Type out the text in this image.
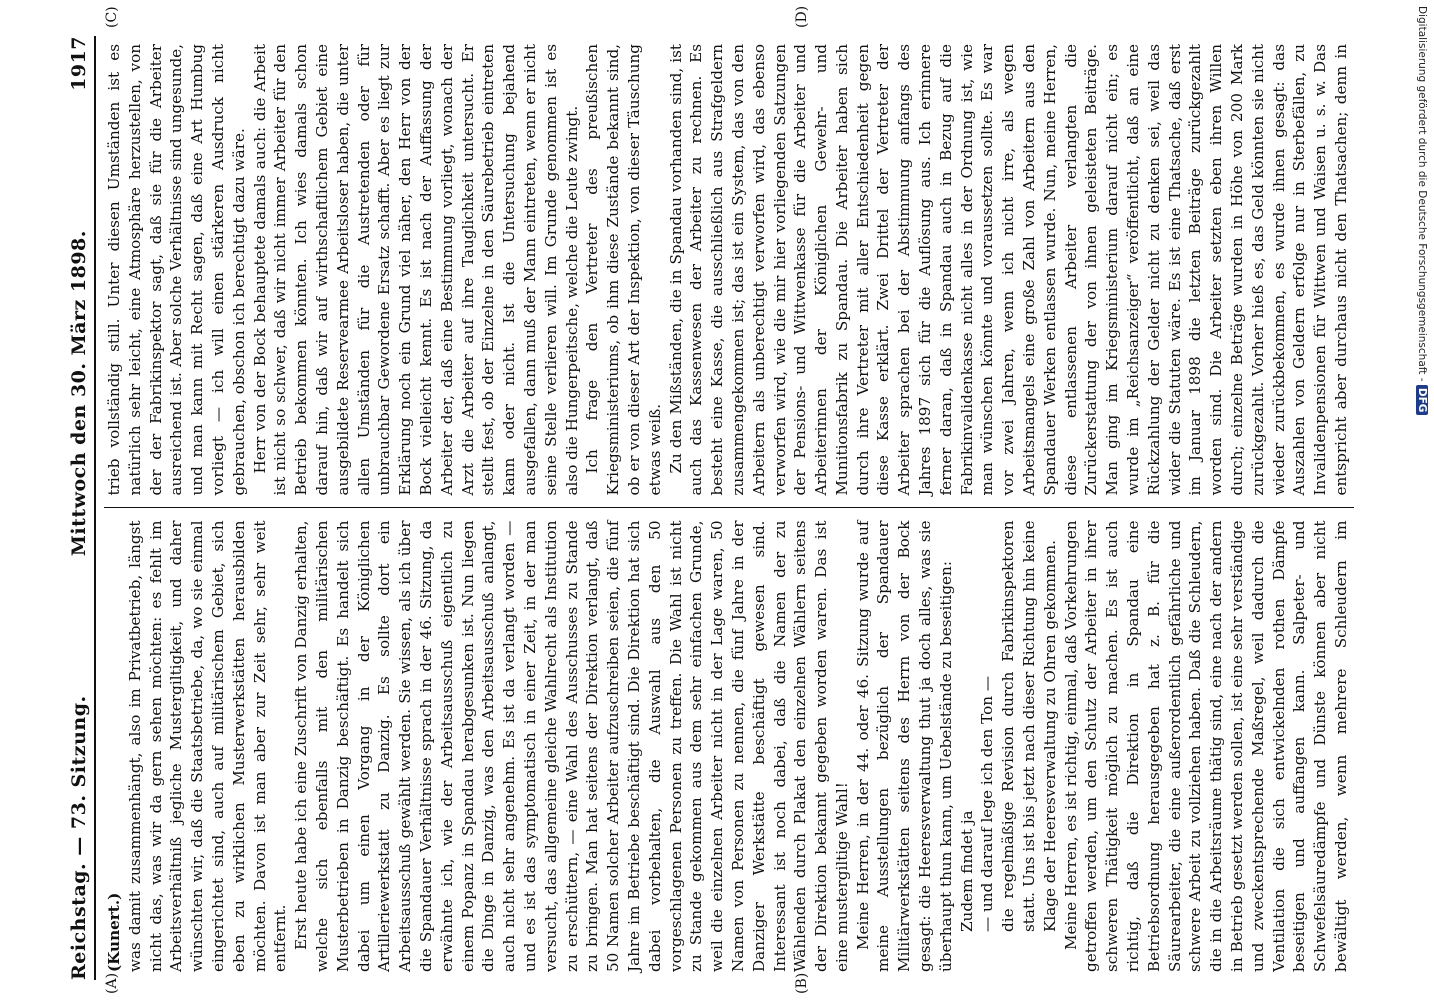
Reichstag. — 73. Sitzung.
Mittwoch den 30. März 1898.
1917

(Kunert.) was damit zusammenhängt, also im Privatbetrieb, längst nicht das, was wir da gern sehen möchten: es fehlt im Arbeitsverhältniß jegliche Mustergiltigkeit, und daher wünschten wir, daß die Staatsbetriebe, da, wo sie einmal eingerichtet sind, auch auf militärischem Gebiet, sich eben zu wirklichen Musterwerkstätten herausbilden möchten. Davon ist man aber zur Zeit sehr, sehr weit entfernt. Erst heute habe ich eine Zuschrift von Danzig erhalten, welche sich ebenfalls mit den militärischen Musterbetrieben in Danzig beschäftigt. Es handelt sich dabei um einen Vorgang in der Königlichen Artilleriewerkstatt zu Danzig. Es sollte dort ein Arbeitsausschuß gewählt werden. Sie wissen, als ich über die Spandauer Verhältnisse sprach in der 46. Sitzung, da erwähnte ich, wie der Arbeitsausschuß eigentlich zu einem Popanz in Spandau herabgesunken ist. Nun liegen die Dinge in Danzig, was den Arbeitsausschuß anlangt, auch nicht sehr angenehm. Es ist da verlangt worden — und es ist das symptomatisch in einer Zeit, in der man versucht, das allgemeine gleiche Wahlrecht als Institution zu erschüttern, — eine Wahl des Ausschusses zu Stande zu bringen. Man hat seitens der Direktion verlangt, daß 50 Namen solcher Arbeiter aufzuschreiben seien, die fünf Jahre im Betriebe beschäftigt sind. Die Direktion hat sich dabei vorbehalten, die Auswahl aus den 50 vorgeschlagenen Personen zu treffen. Die Wahl ist nicht zu Stande gekommen aus dem sehr einfachen Grunde, weil die einzelnen Arbeiter nicht in der Lage waren, 50 Namen von Personen zu nennen, die fünf Jahre in der Danziger Werkstätte beschäftigt gewesen sind. Interessant ist noch dabei, daß die Namen der zu Wählenden durch Plakat den einzelnen Wählern seitens der Direktion bekannt gegeben worden waren. Das ist eine mustergiltige Wahl! Meine Herren, in der 44. oder 46. Sitzung wurde auf meine Ausstellungen bezüglich der Spandauer Militärwerkstätten seitens des Herrn von der Bock gesagt: die Heeresverwaltung thut ja doch alles, was sie überhaupt thun kann, um Uebelstände zu beseitigen: Zudem findet ja — und darauf lege ich den Ton — die regelmäßige Revision durch Fabrikinspektoren statt. Uns ist bis jetzt nach dieser Richtung hin keine Klage der Heeresverwaltung zu Ohren gekommen. Meine Herren, es ist richtig, einmal, daß Vorkehrungen getroffen werden, um den Schutz der Arbeiter in ihrer schweren Thätigkeit möglich zu machen. Es ist auch richtig, daß die Direktion in Spandau eine Betriebsordnung herausgegeben hat z. B. für die Säurearbeiter, die eine außerordentlich gefährliche und schwere Arbeit zu vollziehen haben. Daß die Schleudern, die in die Arbeitsräume thätig sind, eine nach der andern in Betrieb gesetzt werden sollen, ist eine sehr verständige und zweckentsprechende Maßregel, weil dadurch die Ventilation die sich entwickelnden rothen Dämpfe beseitigen und auffangen kann. Salpeter- und Schwefelsäuredämpfe und Dünste können aber nicht bewältigt werden, wenn mehrere Schleudern im

trieb vollständig still. Unter diesen Umständen ist es natürlich sehr leicht, eine Atmosphäre herzustellen, von der der Fabrikinspektor sagt, daß sie für die Arbeiter ausreichend ist. Aber solche Verhältnisse sind ungesunde, und man kann mit Recht sagen, daß eine Art Humbug vorliegt — ich will einen stärkeren Ausdruck nicht gebrauchen, obschon ich berechtigt dazu wäre. Herr von der Bock behauptete damals auch: die Arbeit ist nicht so schwer, daß wir nicht immer Arbeiter für den Betrieb bekommen könnten. Ich wies damals schon darauf hin, daß wir auf wirthschaftlichem Gebiet eine ausgebildete Reservearmee Arbeitsloser haben, die unter allen Umständen für die Austretenden oder für unbrauchbar Gewordene Ersatz schafft. Aber es liegt zur Erklärung noch ein Grund viel näher, den Herr von der Bock vielleicht kennt. Es ist nach der Auffassung der Arbeiter der, daß eine Bestimmung vorliegt, wonach der Arzt die Arbeiter auf ihre Tauglichkeit untersucht. Er stellt fest, ob der Einzelne in den Säurebetrieb eintreten kann oder nicht. Ist die Untersuchung bejahend ausgefallen, dann muß der Mann eintreten, wenn er nicht seine Stelle verlieren will. Im Grunde genommen ist es also die Hungerpeitsche, welche die Leute zwingt. Ich frage den Vertreter des preußischen Kriegsministeriums, ob ihm diese Zustände bekannt sind, ob er von dieser Art der Inspektion, von dieser Täuschung etwas weiß. Zu den Mißständen, die in Spandau vorhanden sind, ist auch das Kassenwesen der Arbeiter zu rechnen. Es besteht eine Kasse, die ausschließlich aus Strafgeldern zusammengekommen ist; das ist ein System, das von den Arbeitern als unberechtigt verworfen wird, das ebenso verworfen wird, wie die mir hier vorliegenden Satzungen der Pensions- und Wittwenkasse für die Arbeiter und Arbeiterinnen der Königlichen Gewehr- und Munitionsfabrik zu Spandau. Die Arbeiter haben sich durch ihre Vertreter mit aller Entschiedenheit gegen diese Kasse erklärt. Zwei Drittel der Vertreter der Arbeiter sprachen bei der Abstimmung anfangs des Jahres 1897 sich für die Auflösung aus. Ich erinnere ferner daran, daß in Spandau auch in Bezug auf die Fabrikinvalidenkasse nicht alles in der Ordnung ist, wie man wünschen könnte und voraussetzen sollte. Es war vor zwei Jahren, wenn ich nicht irre, als wegen Arbeitsmangels eine große Zahl von Arbeitern aus den Spandauer Werken entlassen wurde. Nun, meine Herren, diese entlassenen Arbeiter verlangten die Zurückerstattung der von ihnen geleisteten Beiträge. Man ging im Kriegsministerium darauf nicht ein; es wurde im „Reichsanzeiger“ veröffentlicht, daß an eine Rückzahlung der Gelder nicht zu denken sei, weil das wider die Statuten wäre. Es ist eine Thatsache, daß erst im Januar 1898 die letzten Beiträge zurückgezahlt worden sind. Die Arbeiter setzten eben ihren Willen durch; einzelne Beträge wurden in Höhe von 200 Mark zurückgezahlt. Vorher hieß es, das Geld könnten sie nicht wieder zurückbekommen, es wurde ihnen gesagt: das Auszahlen von Geldern erfolge nur in Sterbefällen, zu Invalidenpensionen für Wittwen und Waisen u. s. w. Das entspricht aber durchaus nicht den Thatsachen; denn in

(A)	(B)
(C)	(D)	Digitalisierung gefördert durch die Deutsche Forschungsgemeinschaft - DFG
